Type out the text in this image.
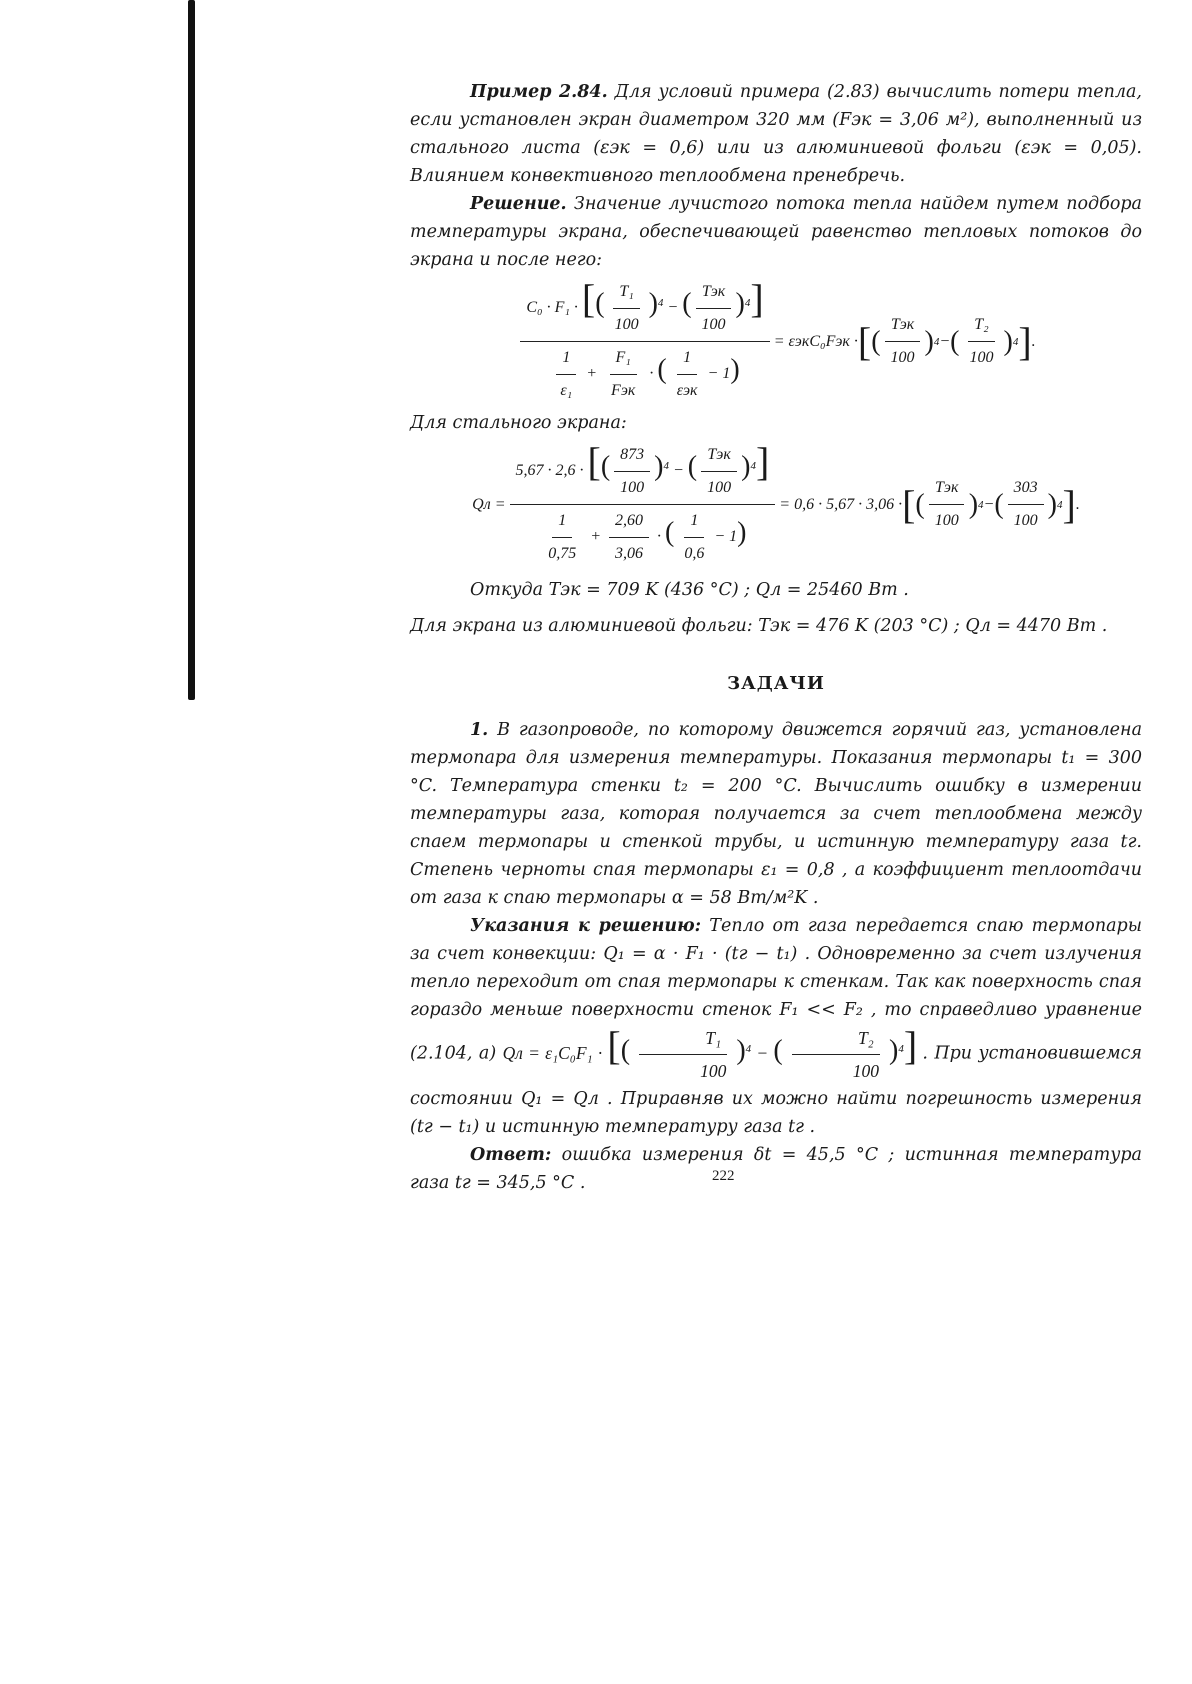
Пример 2.84. Для условий примера (2.83) вычислить потери тепла, если установлен экран диаметром 320 мм (Fэк = 3,06 м²), выполненный из стального листа (εэк = 0,6) или из алюминиевой фольги (εэк = 0,05). Влиянием конвективного теплообмена пренебречь.

Решение. Значение лучистого потока тепла найдем путем подбора температуры экрана, обеспечивающей равенство тепловых потоков до экрана и после него:

$\frac{C_0 \cdot F_1 \cdot [( \frac{\text{T₁}}{100} )^4 - ( \frac{\text{Tэк}}{100} )^4]}{\frac{1}{\text{ε₁}} + \frac{\text{F₁}}{\text{Fэк}} \cdot ( \frac{1}{\text{εэк}} - 1)} = \varepsilon экC_0Fэк$ · [ ( $\frac{\text{Tэк}}{100}$ ) 4 − ( $\frac{\text{T₂}}{100}$ ) 4 ] .

Для стального экрана:

Qл = $\frac{5,67 \cdot 2,6 \cdot [( \frac{873}{100} )^4 - ( \frac{\text{Tэк}}{100} )^4]}{\frac{1}{0,75} + \frac{2,60}{3,06} \cdot ( \frac{1}{0,6} - 1)} = 0,6 \cdot 5,67 \cdot 3,06$ · [ ( $\frac{\text{Tэк}}{100}$ ) 4 − ( $\frac{303}{100}$ ) 4 ] .

Откуда Tэк = 709 K (436 °C) ; Qл = 25460 Вт .

Для экрана из алюминиевой фольги: Tэк = 476 K (203 °C) ; Qл = 4470 Вт .

ЗАДАЧИ

1. В газопроводе, по которому движется горячий газ, установлена термопара для измерения температуры. Показания термопары t₁ = 300 °C. Температура стенки t₂ = 200 °C. Вычислить ошибку в измерении температуры газа, которая получается за счет теплообмена между спаем термопары и стенкой трубы, и истинную температуру газа tг. Степень черноты спая термопары ε₁ = 0,8 , а коэффициент теплоотдачи от газа к спаю термопары α = 58 Вт/м²K .

Указания к решению: Тепло от газа передается спаю термопары за счет конвекции: Q₁ = α · F₁ · (tг − t₁) . Одновременно за счет излучения тепло переходит от спая термопары к стенкам. Так как поверхность спая гораздо меньше поверхности стенок F₁ << F₂ , то справедливо уравнение (2.104, а) Qл = ε₁C₀F₁ · [( $\frac{\text{T₁}}{100} )^4$ − ( $\frac{\text{T₂}}{100} )^4$] . При установившемся состоянии Q₁ = Qл . Приравняв их можно найти погрешность измерения (tг − t₁) и истинную температуру газа tг .

Ответ: ошибка измерения δt = 45,5 °C ; истинная температура газа tг = 345,5 °C .	222
